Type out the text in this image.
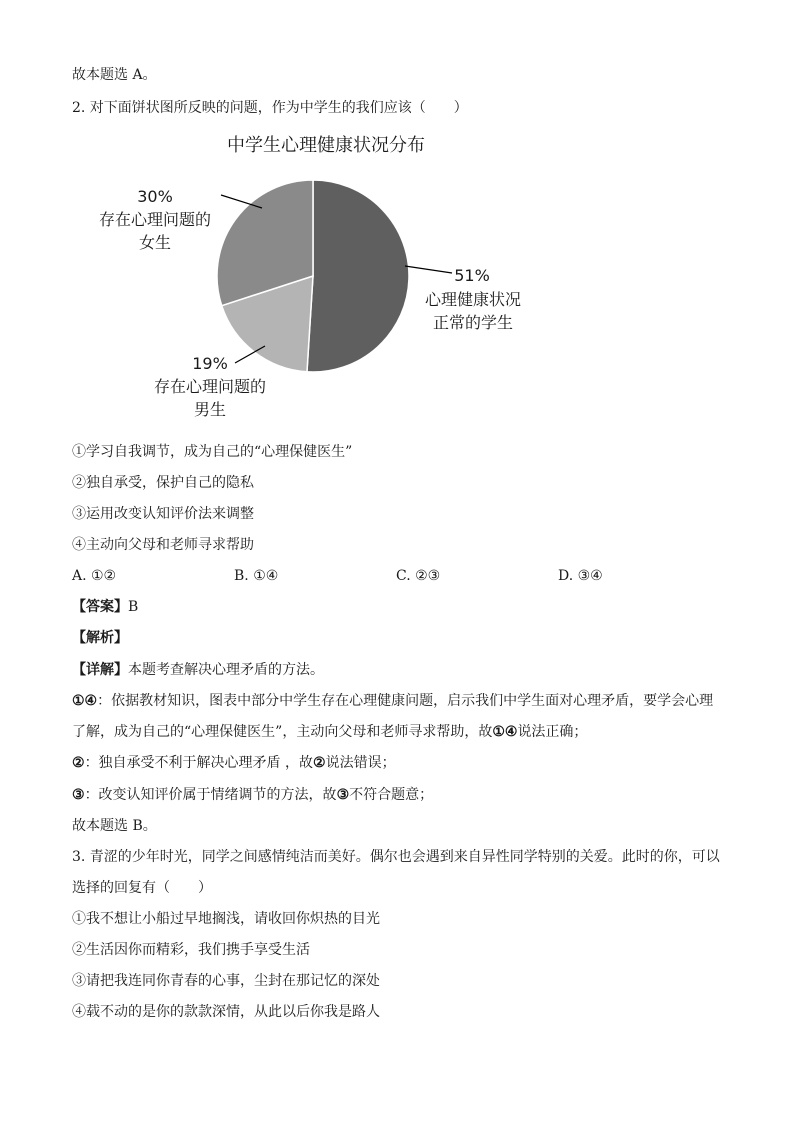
故本题选 A。
2. 对下面饼状图所反映的问题，作为中学生的我们应该（　　）
中学生心理健康状况分布
30%
存在心理问题的
女生
51%
心理健康状况
正常的学生
19%
存在心理问题的
男生
①学习自我调节，成为自己的“心理保健医生”
②独自承受，保护自己的隐私
③运用改变认知评价法来调整
④主动向父母和老师寻求帮助
A. ①②	B. ①④	C. ②③	D. ③④
【答案】B
【解析】
【详解】本题考查解决心理矛盾的方法。
①④：依据教材知识，图表中部分中学生存在心理健康问题，启示我们中学生面对心理矛盾，要学会心理
了解，成为自己的“心理保健医生”，主动向父母和老师寻求帮助，故①④说法正确；
②：独自承受不利于解决心理矛盾 ，故②说法错误；
③：改变认知评价属于情绪调节的方法，故③不符合题意；
故本题选 B。
3. 青涩的少年时光，同学之间感情纯洁而美好。偶尔也会遇到来自异性同学特别的关爱。此时的你，可以
选择的回复有（　　）
①我不想让小船过早地搁浅，请收回你炽热的目光
②生活因你而精彩，我们携手享受生活
③请把我连同你青春的心事，尘封在那记忆的深处
④载不动的是你的款款深情，从此以后你我是路人
